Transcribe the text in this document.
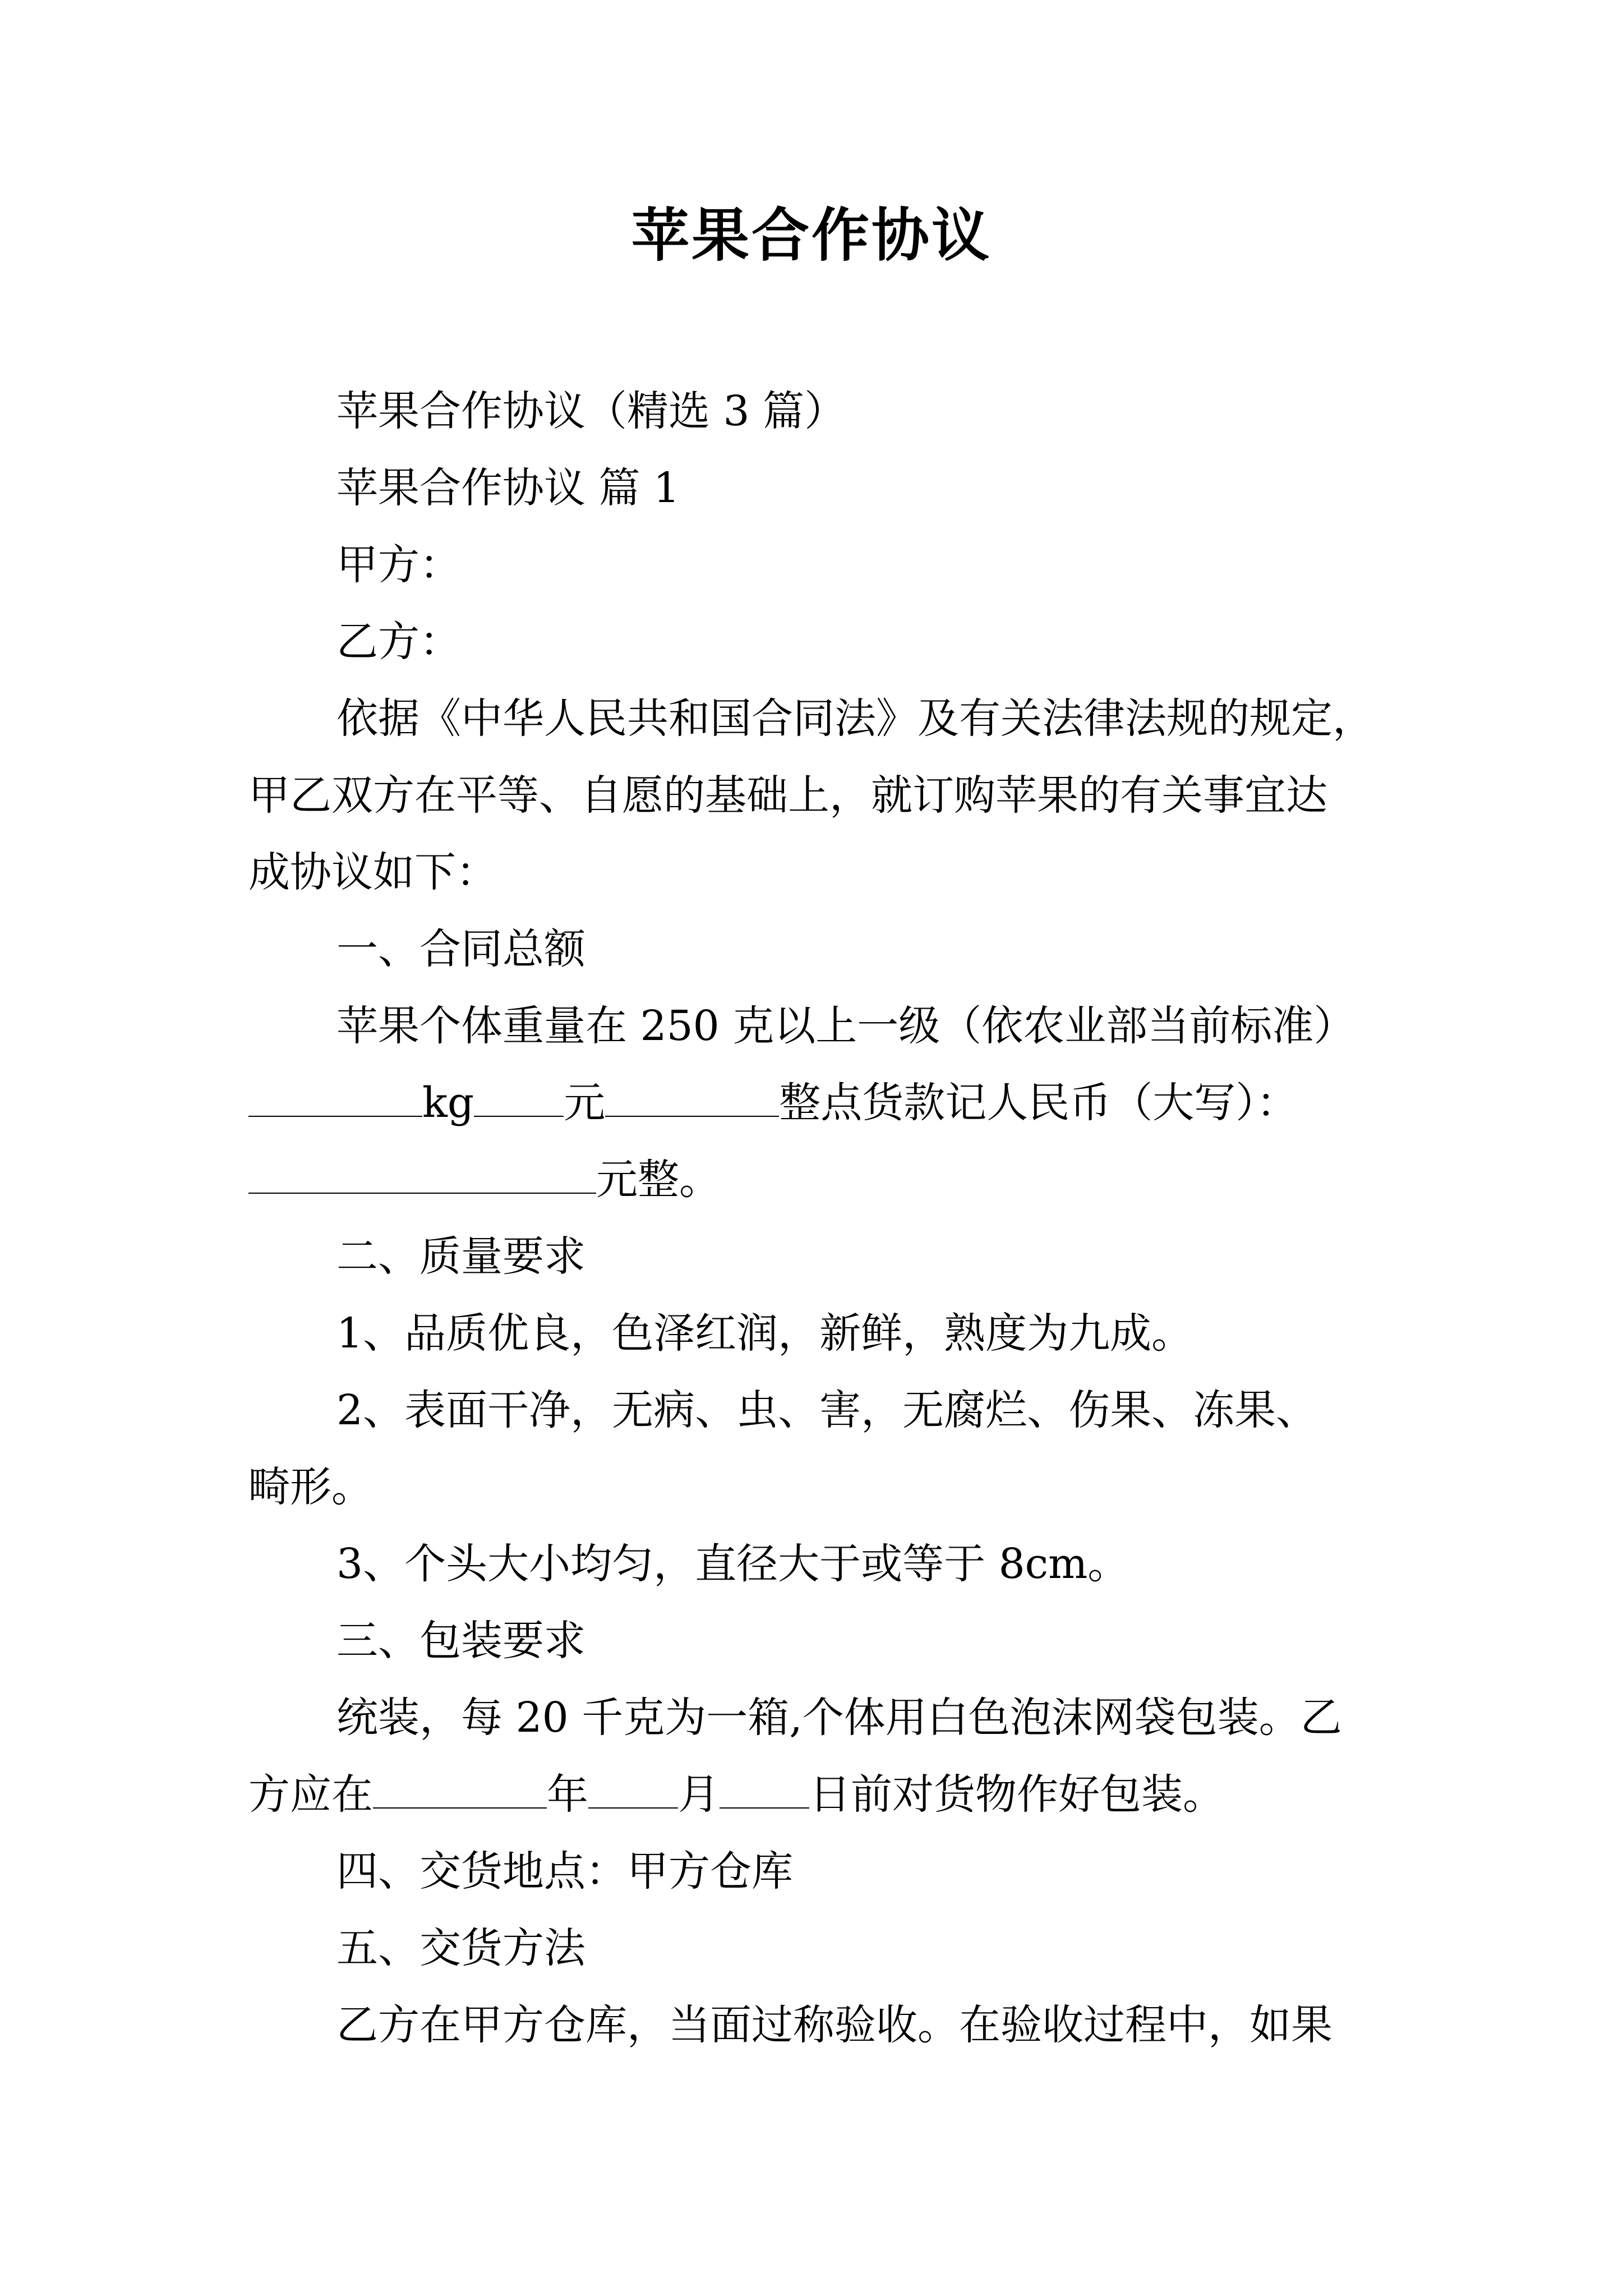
苹果合作协议

苹果合作协议（精选 3 篇）

苹果合作协议 篇 1

甲方：

乙方：

依据《中华人民共和国合同法》及有关法律法规的规定，

甲乙双方在平等、自愿的基础上，就订购苹果的有关事宜达

成协议如下：

一、合同总额

苹果个体重量在 250 克以上一级（依农业部当前标准）

kg 元	整点货款记人民币（大写）：

元整。

二、质量要求

1、品质优良，色泽红润，新鲜，熟度为九成。

2、表面干净，无病、虫、害，无腐烂、伤果、冻果、

畸形。

3、个头大小均匀，直径大于或等于 8cm。

三、包装要求

统装，每 20 千克为一箱,个体用白色泡沫网袋包装。乙

方应在	年 月 日前对货物作好包装。

四、交货地点：甲方仓库

五、交货方法

乙方在甲方仓库，当面过称验收。在验收过程中，如果
